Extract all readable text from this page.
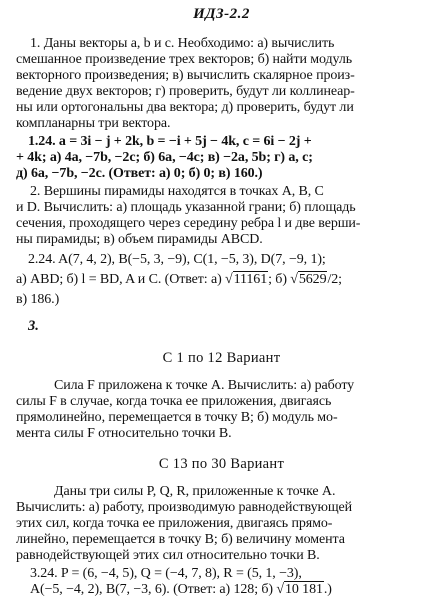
ИДЗ-2.2
1. Даны векторы a, b и c. Необходимо: а) вычислить
смешанное произведение трех векторов; б) найти модуль
векторного произведения; в) вычислить скалярное произ-
ведение двух векторов; г) проверить, будут ли коллинеар-
ны или ортогональны два вектора; д) проверить, будут ли
компланарны три вектора.
1.24. a = 3i − j + 2k, b = −i + 5j − 4k, c = 6i − 2j +
+ 4k; а) 4a, −7b, −2c; б) 6a, −4c; в) −2a, 5b; г) a, c;
д) 6a, −7b, −2c. (Ответ: а) 0; б) 0; в) 160.)
2. Вершины пирамиды находятся в точках A, B, C
и D. Вычислить: а) площадь указанной грани; б) площадь
сечения, проходящего через середину ребра l и две верши-
ны пирамиды; в) объем пирамиды ABCD.
2.24. A(7, 4, 2), B(−5, 3, −9), C(1, −5, 3), D(7, −9, 1);
а) ABD; б) l = BD, A и C. (Ответ: а) √11161; б) √5629/2;
в) 186.)
3.
С 1 по 12 Вариант
Сила F приложена к точке A. Вычислить: а) работу
силы F в случае, когда точка ее приложения, двигаясь
прямолинейно, перемещается в точку B; б) модуль мо-
мента силы F относительно точки B.
С 13 по 30 Вариант
Даны три силы P, Q, R, приложенные к точке A.
Вычислить: а) работу, производимую равнодействующей
этих сил, когда точка ее приложения, двигаясь прямо-
линейно, перемещается в точку B; б) величину момента
равнодействующей этих сил относительно точки B.
3.24. P = (6, −4, 5), Q = (−4, 7, 8), R = (5, 1, −3),
A(−5, −4, 2), B(7, −3, 6). (Ответ: а) 128; б) √10 181.)
